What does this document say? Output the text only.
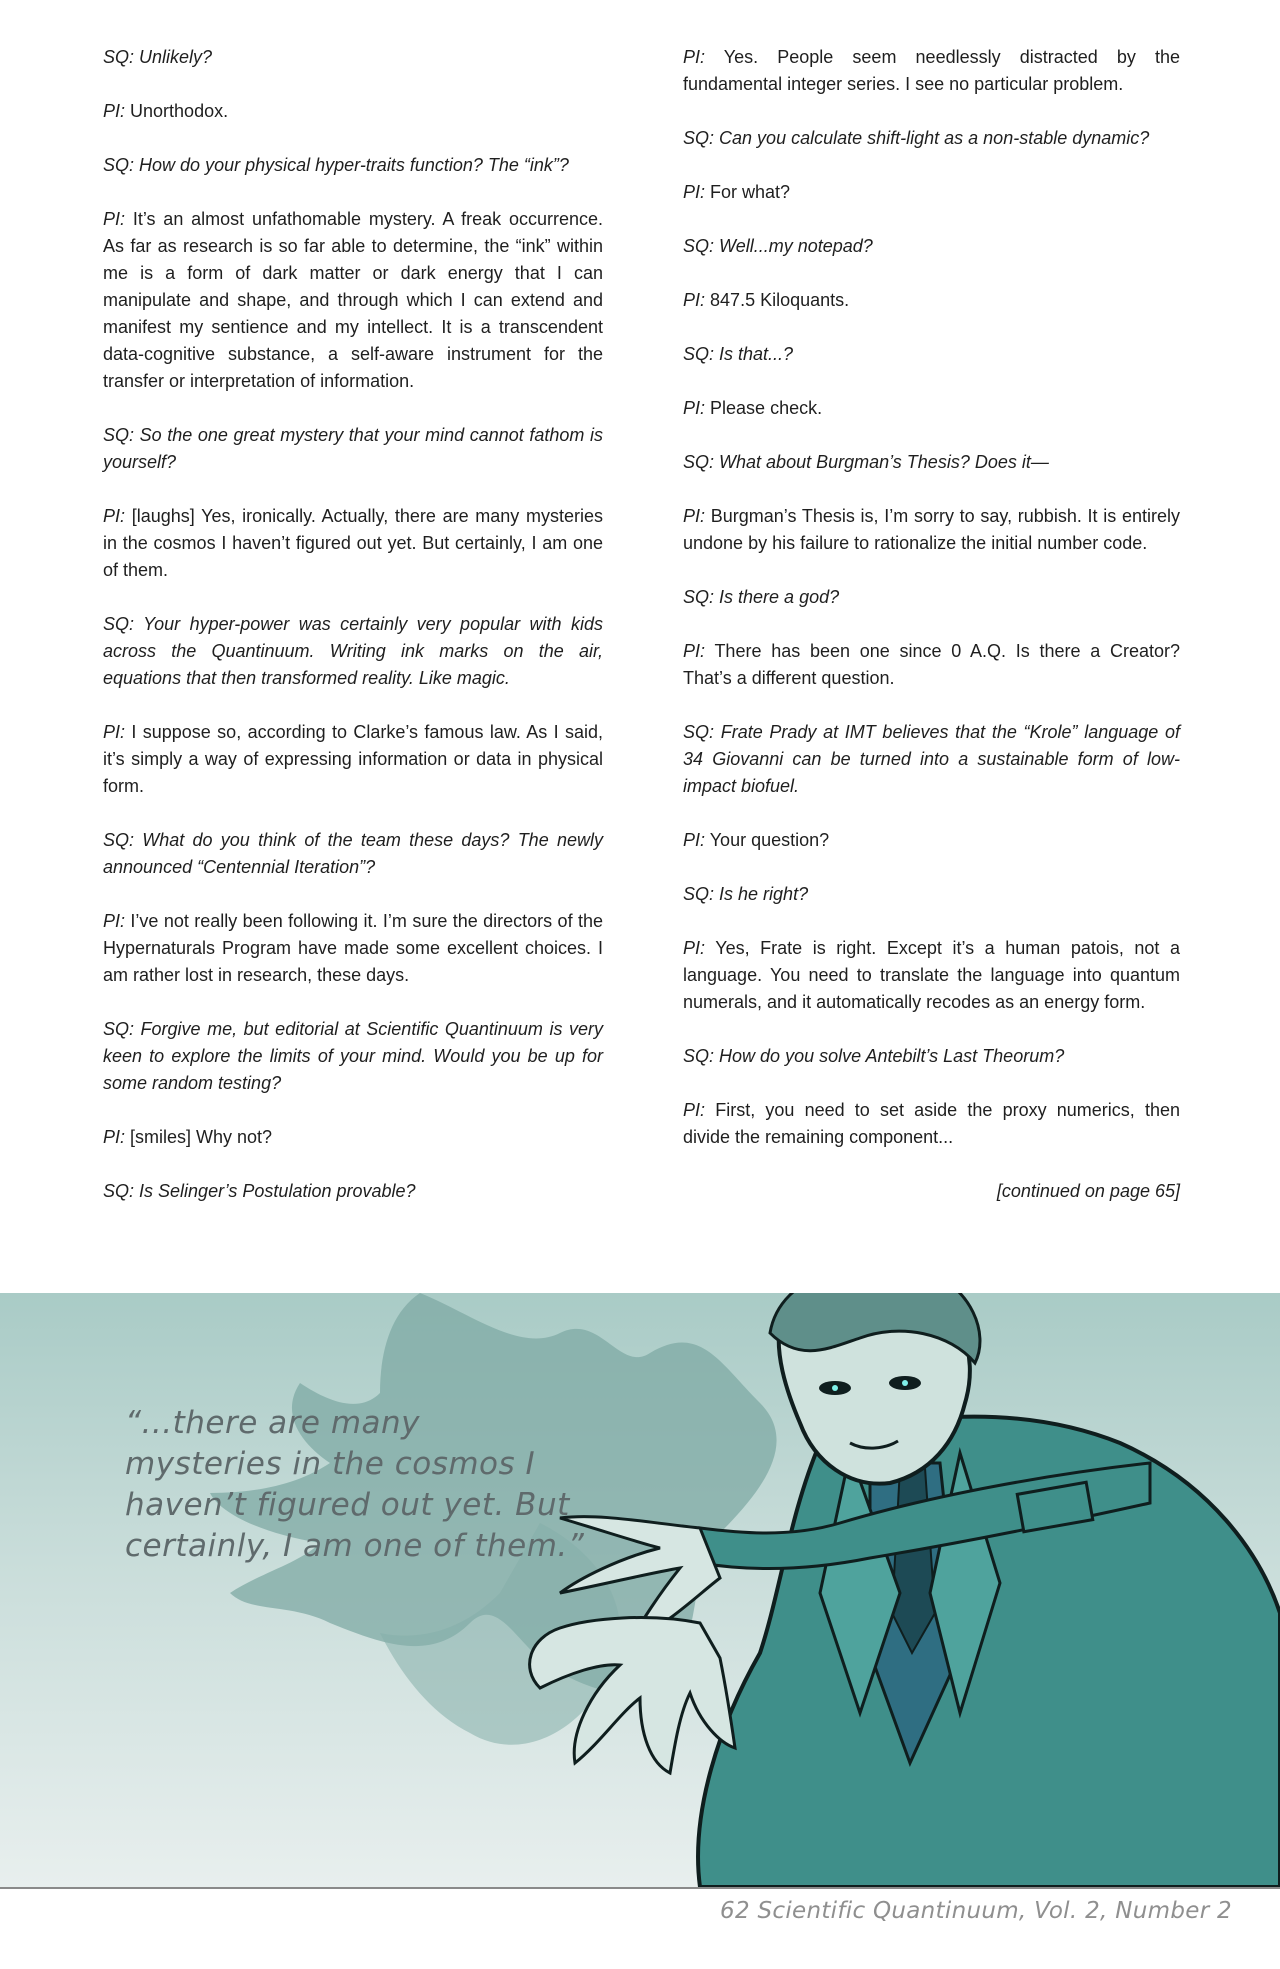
SQ: Unlikely?

PI: Unorthodox.

SQ: How do your physical hyper-traits function? The “ink”?

PI: It’s an almost unfathomable mystery. A freak occurrence. As far as research is so far able to determine, the “ink” within me is a form of dark matter or dark energy that I can manipulate and shape, and through which I can extend and manifest my sentience and my intellect. It is a transcendent data-cognitive substance, a self-aware instrument for the transfer or interpretation of information.

SQ: So the one great mystery that your mind cannot fathom is yourself?

PI: [laughs] Yes, ironically. Actually, there are many mysteries in the cosmos I haven’t figured out yet. But certainly, I am one of them.

SQ: Your hyper-power was certainly very popular with kids across the Quantinuum. Writing ink marks on the air, equations that then transformed reality. Like magic.

PI: I suppose so, according to Clarke’s famous law. As I said, it’s simply a way of expressing information or data in physical form.

SQ: What do you think of the team these days? The newly announced “Centennial Iteration”?

PI: I’ve not really been following it. I’m sure the directors of the Hypernaturals Program have made some excellent choices. I am rather lost in research, these days.

SQ: Forgive me, but editorial at Scientific Quantinuum is very keen to explore the limits of your mind. Would you be up for some random testing?

PI: [smiles] Why not?

SQ: Is Selinger’s Postulation provable?

PI: Yes. People seem needlessly distracted by the fundamental integer series. I see no particular problem.

SQ: Can you calculate shift-light as a non-stable dynamic?

PI: For what?

SQ: Well...my notepad?

PI: 847.5 Kiloquants.

SQ: Is that...?

PI: Please check.

SQ: What about Burgman’s Thesis? Does it—

PI: Burgman’s Thesis is, I’m sorry to say, rubbish. It is entirely undone by his failure to rationalize the initial number code.

SQ: Is there a god?

PI: There has been one since 0 A.Q. Is there a Creator? That’s a different question.

SQ: Frate Prady at IMT believes that the “Krole” language of 34 Giovanni can be turned into a sustainable form of low-impact biofuel.

PI: Your question?

SQ: Is he right?

PI: Yes, Frate is right. Except it’s a human patois, not a language. You need to translate the language into quantum numerals, and it automatically recodes as an energy form.

SQ: How do you solve Antebilt’s Last Theorum?

PI: First, you need to set aside the proxy numerics, then divide the remaining component...

[continued on page 65]

“...there are many mysteries in the cosmos I haven’t figured out yet. But certainly, I am one of them.”
62 Scientific Quantinuum, Vol. 2, Number 2
